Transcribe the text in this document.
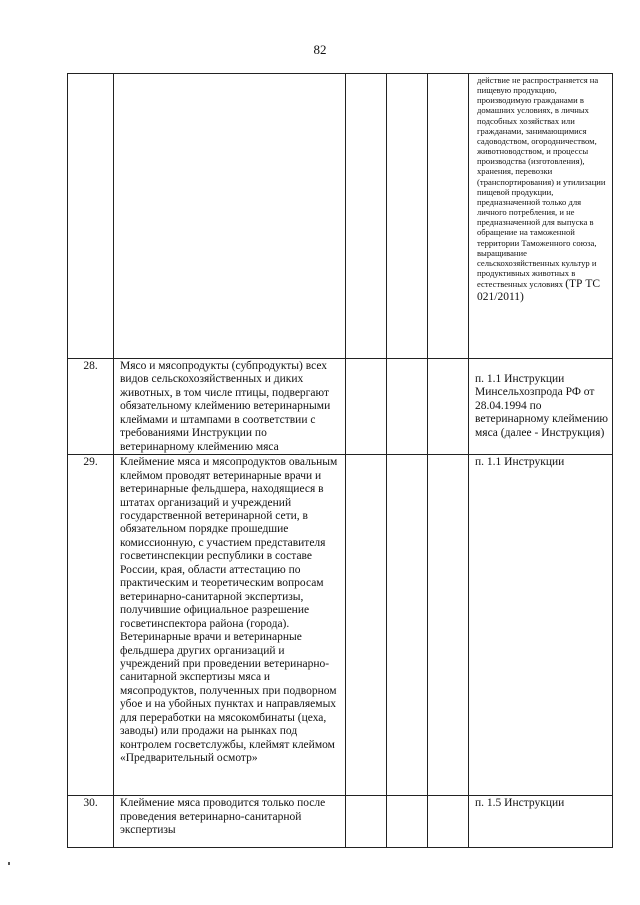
82
					действие не распространяется на пищевую продукцию, производимую гражданами в домашних условиях, в личных подсобных хозяйствах или гражданами, занимающимися садоводством, огородничеством, животноводством, и процессы производства (изготовления), хранения, перевозки (транспортирования) и утилизации пищевой продукции, предназначенной только для личного потребления, и не предназначенной для выпуска в обращение на таможенной территории Таможенного союза, выращивание сельскохозяйственных культур и продуктивных животных в естественных условиях (ТР ТС 021/2011)
28.	Мясо и мясопродукты (субпродукты) всех видов сельскохозяйственных и диких животных, в том числе птицы, подвергают обязательному клеймению ветеринарными клеймами и штампами в соответствии с требованиями Инструкции по ветеринарному клеймению мяса				п. 1.1 Инструкции Минсельхозпрода РФ от 28.04.1994 по ветеринарному клеймению мяса (далее - Инструкция)
29.	Клеймение мяса и мясопродуктов овальным клеймом проводят ветеринарные врачи и ветеринарные фельдшера, находящиеся в штатах организаций и учреждений государственной ветеринарной сети, в обязательном порядке прошедшие комиссионную, с участием представителя госветинспекции республики в составе России, края, области аттестацию по практическим и теоретическим вопросам ветеринарно-санитарной экспертизы, получившие официальное разрешение госветинспектора района (города). Ветеринарные врачи и ветеринарные фельдшера других организаций и учреждений при проведении ветеринарно-санитарной экспертизы мяса и мясопродуктов, полученных при подворном убое и на убойных пунктах и направляемых для переработки на мясокомбинаты (цеха, заводы) или продажи на рынках под контролем госветслужбы, клеймят клеймом «Предварительный осмотр»				п. 1.1 Инструкции
30.	Клеймение мяса проводится только после проведения ветеринарно-санитарной экспертизы				п. 1.5 Инструкции
